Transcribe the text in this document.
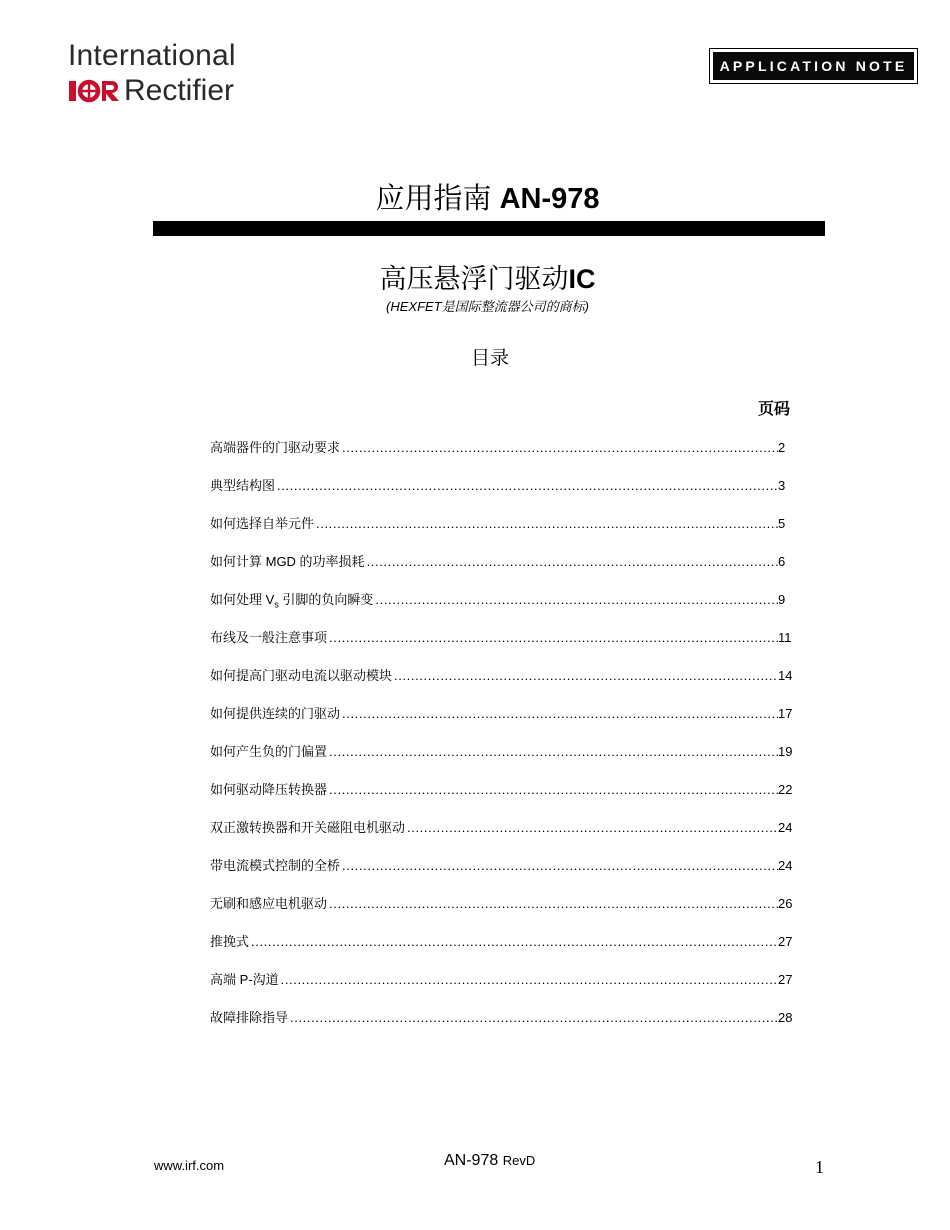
International
Rectifier
APPLICATION NOTE
应用指南 AN-978
高压悬浮门驱动IC
(HEXFET是国际整流器公司的商标)
目录
页码
高端器件的门驱动要求 .....	2
典型结构图 .....	3
如何选择自举元件 .....	5
如何计算 MGD 的功率损耗 .....	6
如何处理 $V_s$ 引脚的负向瞬变 .....	9
布线及一般注意事项 .....	11
如何提高门驱动电流以驱动模块 .....	14
如何提供连续的门驱动 .....	17
如何产生负的门偏置 .....	19
如何驱动降压转换器 .....	22
双正激转换器和开关磁阻电机驱动 .....	24
带电流模式控制的全桥 .....	24
无刷和感应电机驱动 .....	26
推挽式 .....	27
高端 P-沟道 .....	27
故障排除指导 .....	28
www.irf.com	AN-978 RevD	1
